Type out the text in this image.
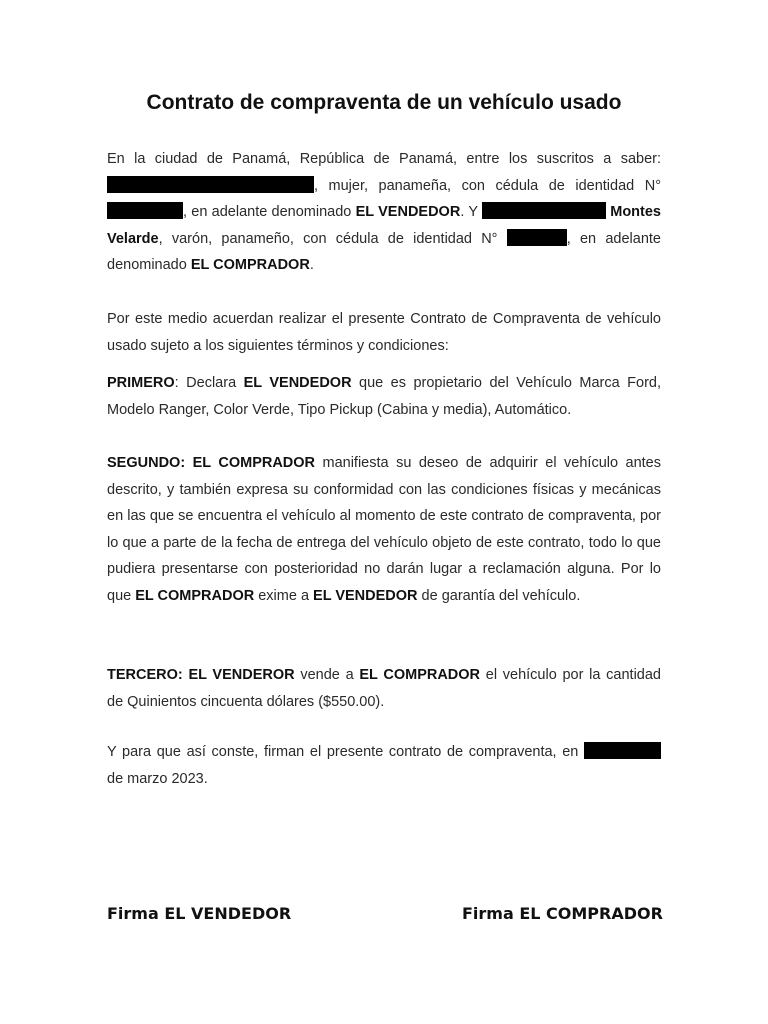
Contrato de compraventa de un vehículo usado

En la ciudad de Panamá, República de Panamá, entre los suscritos a saber: , mujer, panameña, con cédula de identidad N° , en adelante denominado EL VENDEDOR. Y	Montes Velarde, varón, panameño, con cédula de identidad N°	, en adelante denominado EL COMPRADOR.

Por este medio acuerdan realizar el presente Contrato de Compraventa de vehículo usado sujeto a los siguientes términos y condiciones:

PRIMERO: Declara EL VENDEDOR que es propietario del Vehículo Marca Ford, Modelo Ranger, Color Verde, Tipo Pickup (Cabina y media), Automático.

SEGUNDO: EL COMPRADOR manifiesta su deseo de adquirir el vehículo antes descrito, y también expresa su conformidad con las condiciones físicas y mecánicas en las que se encuentra el vehículo al momento de este contrato de compraventa, por lo que a parte de la fecha de entrega del vehículo objeto de este contrato, todo lo que pudiera presentarse con posterioridad no darán lugar a reclamación alguna. Por lo que EL COMPRADOR exime a EL VENDEDOR de garantía del vehículo.

TERCERO: EL VENDEROR vende a EL COMPRADOR el vehículo por la cantidad de Quinientos cincuenta dólares ($550.00).

Y para que así conste, firman el presente contrato de compraventa, en  de marzo 2023.

Firma EL VENDEDOR	Firma EL COMPRADOR
